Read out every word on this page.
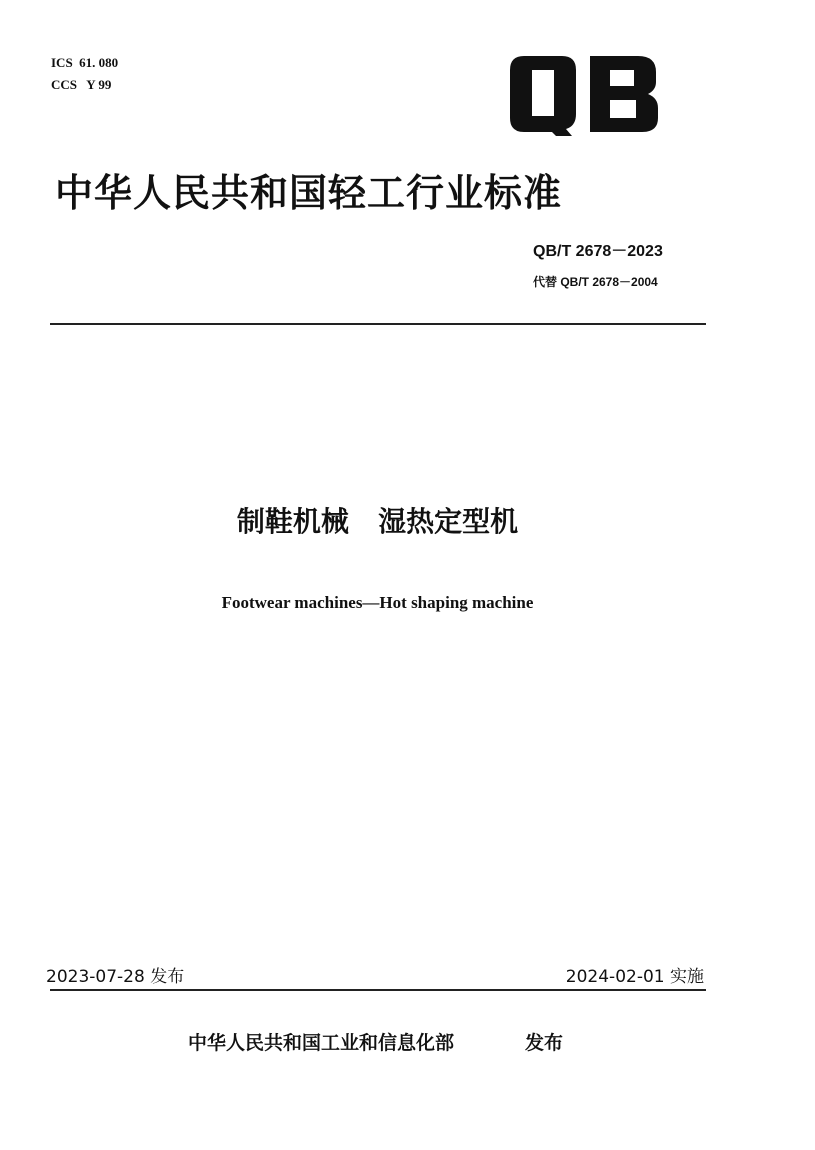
ICS  61. 080
CCS   Y 99
中华人民共和国轻工行业标准
QB/T 2678－2023
代替 QB/T 2678－2004
制鞋机械   湿热定型机
Footwear machines—Hot shaping machine
2023-07-28 发布	2024-02-01 实施
中华人民共和国工业和信息化部	发布
